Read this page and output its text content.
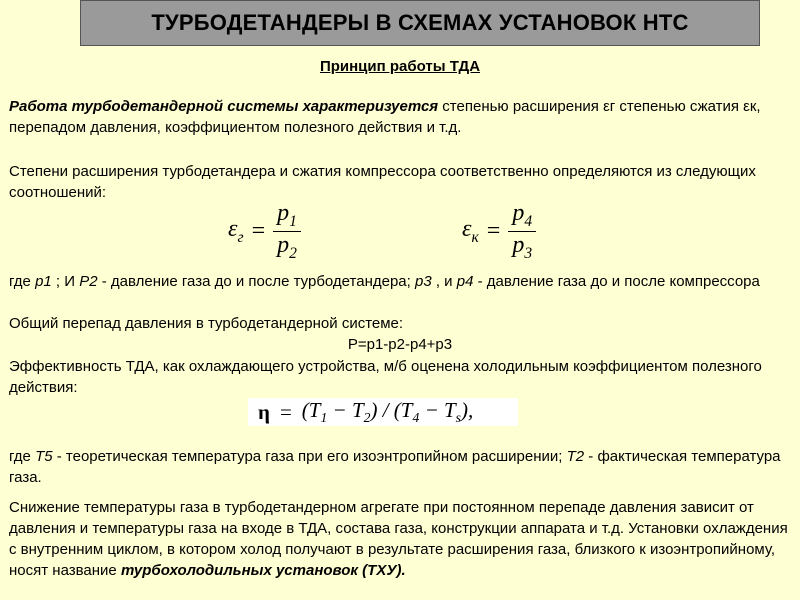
ТУРБОДЕТАНДЕРЫ В СХЕМАХ УСТАНОВОК НТС
Принцип работы ТДА

Работа турбодетандерной системы характеризуется степенью расширения εг степенью сжатия εк, перепадом давления, коэффициентом полезного действия и т.д.

Степени расширения турбодетандера и сжатия компрессора соответственно определяются из следующих соотношений:

$\varepsilon_г = \frac{p_1}{p_2}$	$\varepsilon_к = \frac{p_4}{p_3}$

где p1 ; И P2 - давление газа до и после турбодетандера; p3 , и p4 - давление газа до и после компрессора

Общий перепад давления в турбодетандерной системе:

P=p1-p2-p4+p3

Эффективность ТДА, как охлаждающего устройства, м/б оценена холодильным коэффициентом полезного действия:

$\eta = (T_1 - T_2) / (T_4 - T_s)$,

где T5 - теоретическая температура газа при его изоэнтропийном расширении; T2 - фактическая температура газа.

Снижение температуры газа в турбодетандерном агрегате при постоянном перепаде давления зависит от давления и температуры газа на входе в ТДА, состава газа, конструкции аппарата и т.д. Установки охлаждения с внутренним циклом, в котором холод получают в результате расширения газа, близкого к изоэнтропийному, носят название турбохолодильных установок (ТХУ).
